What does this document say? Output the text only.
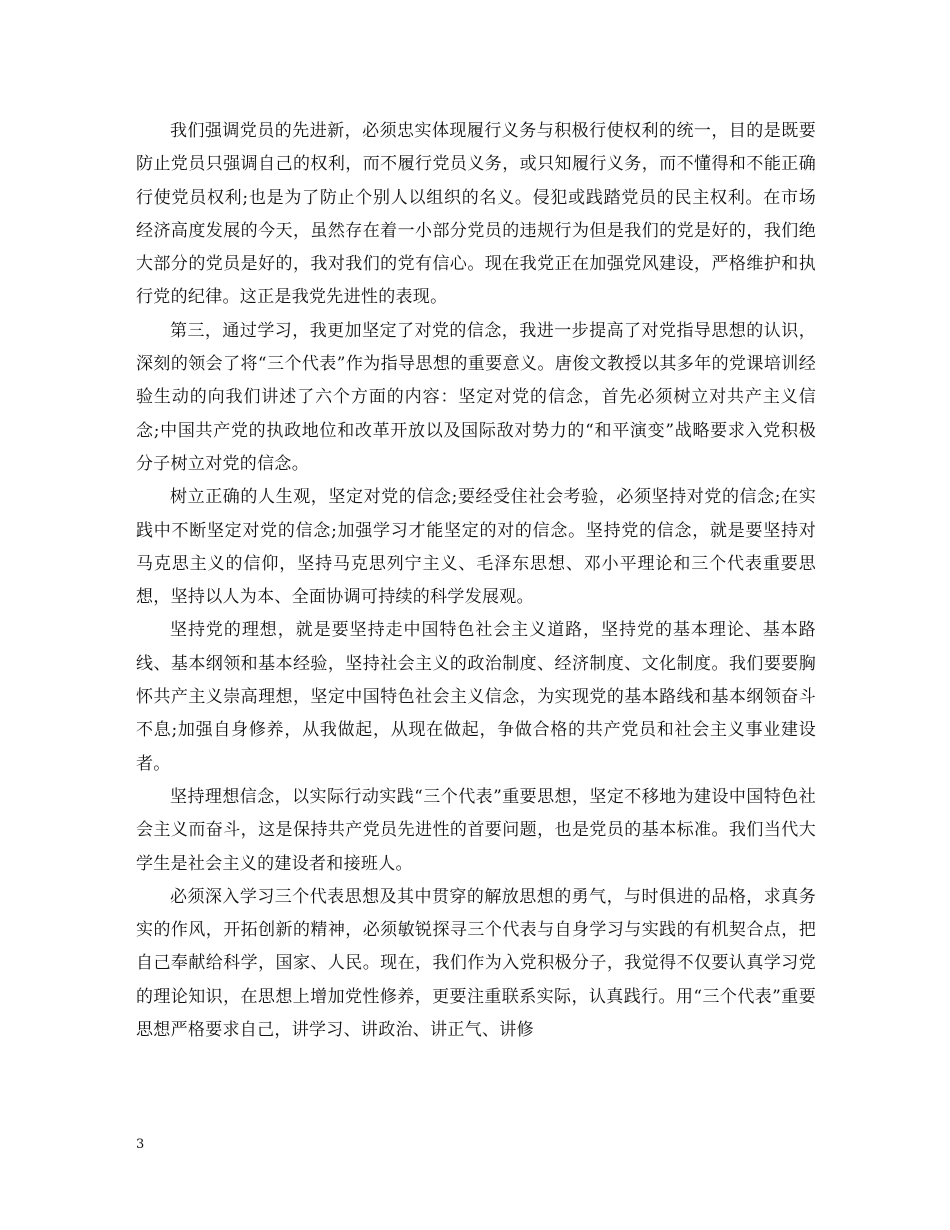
我们强调党员的先进新，必须忠实体现履行义务与积极行使权利的统一，目的是既要防止党员只强调自己的权利，而不履行党员义务，或只知履行义务，而不懂得和不能正确行使党员权利;也是为了防止个别人以组织的名义。侵犯或践踏党员的民主权利。在市场经济高度发展的今天，虽然存在着一小部分党员的违规行为但是我们的党是好的，我们绝大部分的党员是好的，我对我们的党有信心。现在我党正在加强党风建设，严格维护和执行党的纪律。这正是我党先进性的表现。

第三，通过学习，我更加坚定了对党的信念，我进一步提高了对党指导思想的认识，深刻的领会了将“三个代表”作为指导思想的重要意义。唐俊文教授以其多年的党课培训经验生动的向我们讲述了六个方面的内容：坚定对党的信念，首先必须树立对共产主义信念;中国共产党的执政地位和改革开放以及国际敌对势力的“和平演变”战略要求入党积极分子树立对党的信念。

树立正确的人生观，坚定对党的信念;要经受住社会考验，必须坚持对党的信念;在实践中不断坚定对党的信念;加强学习才能坚定的对的信念。坚持党的信念，就是要坚持对马克思主义的信仰，坚持马克思列宁主义、毛泽东思想、邓小平理论和三个代表重要思想，坚持以人为本、全面协调可持续的科学发展观。

坚持党的理想，就是要坚持走中国特色社会主义道路，坚持党的基本理论、基本路线、基本纲领和基本经验，坚持社会主义的政治制度、经济制度、文化制度。我们要要胸怀共产主义崇高理想，坚定中国特色社会主义信念，为实现党的基本路线和基本纲领奋斗不息;加强自身修养，从我做起，从现在做起，争做合格的共产党员和社会主义事业建设者。

坚持理想信念，以实际行动实践“三个代表”重要思想，坚定不移地为建设中国特色社会主义而奋斗，这是保持共产党员先进性的首要问题，也是党员的基本标准。我们当代大学生是社会主义的建设者和接班人。

必须深入学习三个代表思想及其中贯穿的解放思想的勇气，与时俱进的品格，求真务实的作风，开拓创新的精神，必须敏锐探寻三个代表与自身学习与实践的有机契合点，把自己奉献给科学，国家、人民。现在，我们作为入党积极分子，我觉得不仅要认真学习党的理论知识，在思想上增加党性修养，更要注重联系实际，认真践行。用“三个代表”重要思想严格要求自己，讲学习、讲政治、讲正气、讲修

3
